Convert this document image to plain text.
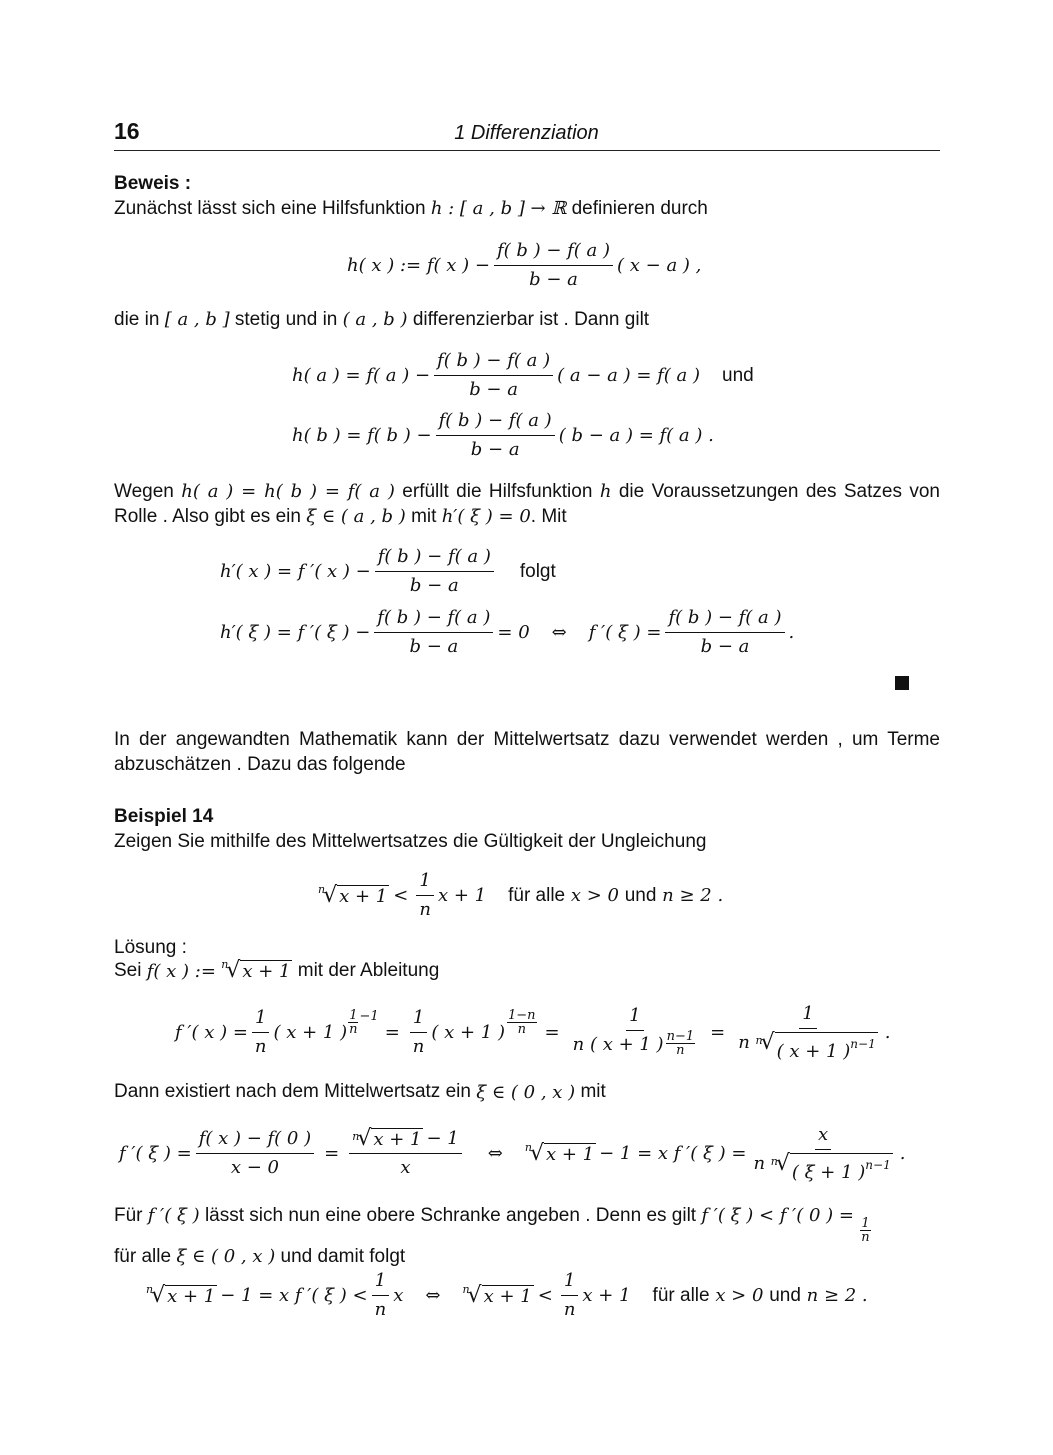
16	1 Differenziation
Beweis :
Zunächst lässt sich eine Hilfsfunktion h : [ a , b ] → ℝ definieren durch
h( x ) := f( x ) − $\frac{f( b ) - f( a )}{b - a}$ ( x − a ) ,
die in [ a , b ] stetig und in ( a , b ) differenzierbar ist . Dann gilt
h( a ) = f( a ) − $\frac{f( b ) - f( a )}{b - a}$ ( a − a ) = f( a ) und
h( b ) = f( b ) − $\frac{f( b ) - f( a )}{b - a}$ ( b − a ) = f( a ) .
Wegen h( a ) = h( b ) = f( a ) erfüllt die Hilfsfunktion h die Voraussetzungen des Satzes von Rolle . Also gibt es ein ξ ∈ ( a , b ) mit h′( ξ ) = 0. Mit
h′( x ) = f ′( x ) − $\frac{f( b ) - f( a )}{b - a}$ folgt
h′( ξ ) = f ′( ξ ) − $\frac{f( b ) - f( a )}{b - a} = 0$ ⇔ f ′( ξ ) = $\frac{f( b ) - f( a )}{b - a}$ .
In der angewandten Mathematik kann der Mittelwertsatz dazu verwendet werden , um Terme abzuschätzen . Dazu das folgende
Beispiel 14
Zeigen Sie mithilfe des Mittelwertsatzes die Gültigkeit der Ungleichung
n
√ $x + 1 < \frac{1}{n}$ x + 1 für alle
x > 0
und
n ≥ 2 .
Lösung :
Sei
f( x ) :=
n
√ x + 1
mit der Ableitung
f ′( x ) = $\frac{1}{n}$ ( x + 1 ) $\frac{1}{n} -1$
= $\frac{1}{n}$ ( x + 1 ) $\frac{1-n}{n} = \frac{1}{n ( x + 1 ) \frac{n-1}{n}} = 1$
n
n
√ ( x + 1 )$^{n-1}$ .
Dann existiert nach dem Mittelwertsatz ein
ξ ∈ ( 0 , x )
mit
f ′( ξ ) = $\frac{f( x ) - f( 0 )}{x - 0} = n$
√ x + 1 − 1
x ⇔ n
√ x + 1 − 1 = x f ′( ξ ) = x
n
n
√ ( ξ + 1 )$^{n-1}$ .
Für f ′( ξ ) lässt sich nun eine obere Schranke angeben . Denn es gilt f ′( ξ ) < f ′( 0 ) =
$\frac{1}{n}$

für alle ξ ∈ ( 0 , x ) und damit folgt
n
√ x + 1 − 1 = x f ′( ξ ) < $\frac{1}{n}$ x ⇔ n
√ $x + 1 < \frac{1}{n}$ x + 1 für alle
x > 0
und
n ≥ 2 .
